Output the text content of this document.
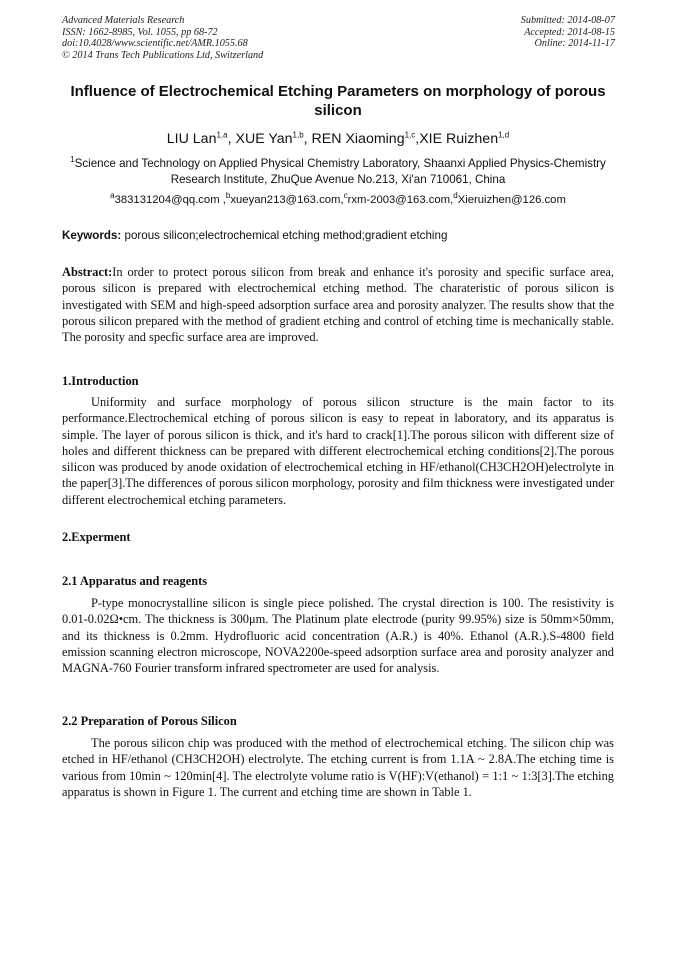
Advanced Materials Research
ISSN: 1662-8985, Vol. 1055, pp 68-72
doi:10.4028/www.scientific.net/AMR.1055.68
© 2014 Trans Tech Publications Ltd, Switzerland
Submitted: 2014-08-07
Accepted: 2014-08-15
Online: 2014-11-17
Influence of Electrochemical Etching Parameters on morphology of porous silicon
LIU Lan$^{1,a}$, XUE Yan$^{1,b}$, REN Xiaoming$^{1,c}$,XIE Ruizhen$^{1,d}$
$^1$Science and Technology on Applied Physical Chemistry Laboratory, Shaanxi Applied Physics-Chemistry Research Institute, ZhuQue Avenue No.213, Xi'an 710061, China
$^a$383131204@qq.com ,$^b$xueyan213@163.com,$^c$rxm-2003@163.com,$^d$Xieruizhen@126.com
Keywords: porous silicon;electrochemical etching method;gradient etching
Abstract:In order to protect porous silicon from break and enhance it's porosity and specific surface area, porous silicon is prepared with electrochemical etching method. The charateristic of porous silicon is investigated with SEM and high-speed adsorption surface area and porosity analyzer. The results show that the porous silicon prepared with the method of gradient etching and control of etching time is mechanically stable. The porosity and specfic surface area are improved.
1.Introduction
Uniformity and surface morphology of porous silicon structure is the main factor to its performance.Electrochemical etching of porous silicon is easy to repeat in laboratory, and its apparatus is simple. The layer of porous silicon is thick, and it's hard to crack[1].The porous silicon with different size of holes and different thickness can be prepared with different electrochemical etching conditions[2].The porous silicon was produced by anode oxidation of electrochemical etching in HF/ethanol(CH3CH2OH)electrolyte in the paper[3].The differences of porous silicon morphology, porosity and film thickness were investigated under different electrochemical etching parameters.
2.Experment
2.1 Apparatus and reagents
P-type monocrystalline silicon is single piece polished. The crystal direction is 100. The resistivity is 0.01-0.02Ω•cm. The thickness is 300μm. The Platinum plate electrode (purity 99.95%) size is 50mm×50mm, and its thickness is 0.2mm. Hydrofluoric acid concentration (A.R.) is 40%. Ethanol (A.R.).S-4800 field emission scanning electron microscope, NOVA2200e-speed adsorption surface area and porosity analyzer and MAGNA-760 Fourier transform infrared spectrometer are used for analysis.
2.2 Preparation of Porous Silicon
The porous silicon chip was produced with the method of electrochemical etching. The silicon chip was etched in HF/ethanol (CH3CH2OH) electrolyte. The etching current is from 1.1A ~ 2.8A.The etching time is various from 10min ~ 120min[4]. The electrolyte volume ratio is V(HF):V(ethanol) = 1:1 ~ 1:3[3].The etching apparatus is shown in Figure 1. The current and etching time are shown in Table 1.
